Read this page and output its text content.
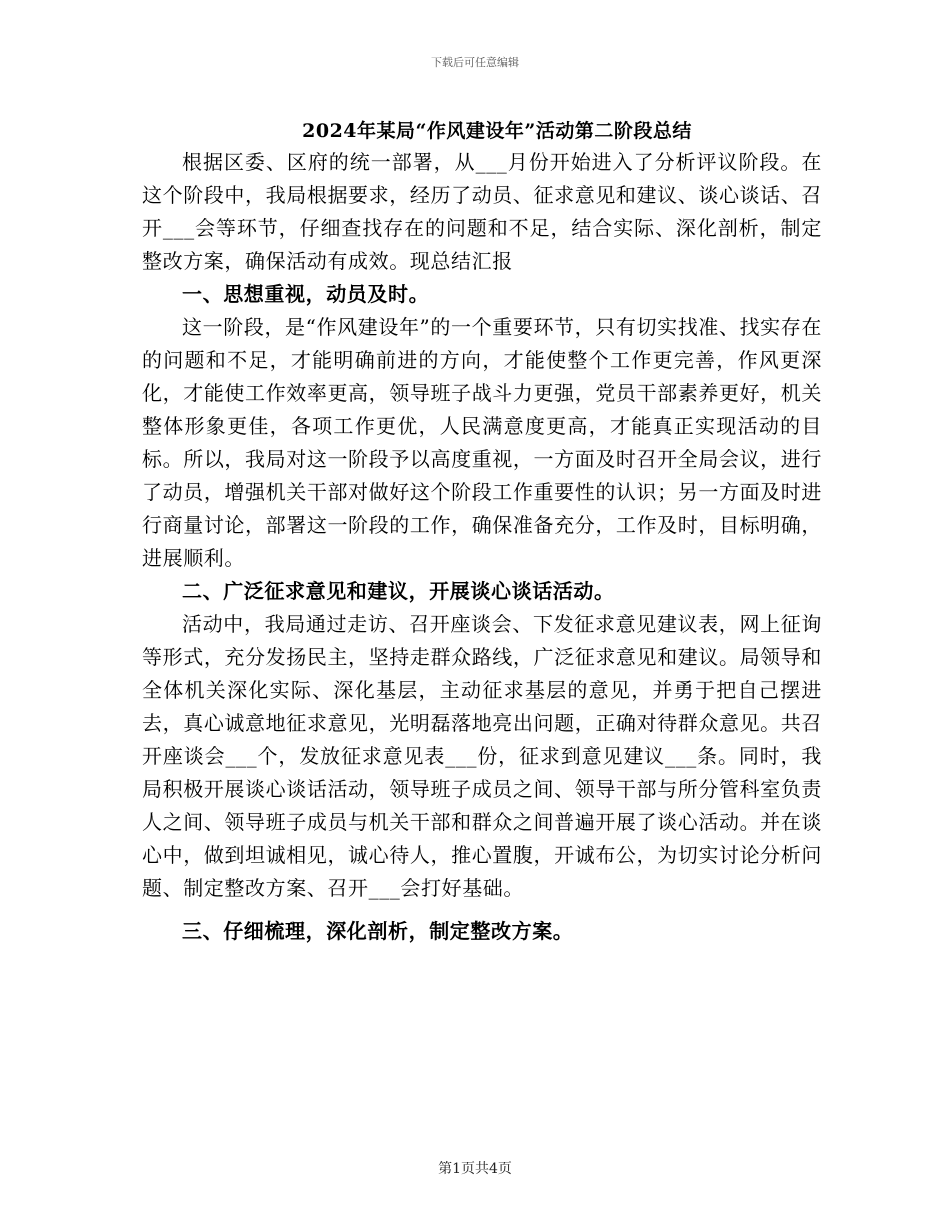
下载后可任意编辑
2024年某局“作风建设年”活动第二阶段总结

根据区委、区府的统一部署，从___月份开始进入了分析评议阶段。在这个阶段中，我局根据要求，经历了动员、征求意见和建议、谈心谈话、召开___会等环节，仔细查找存在的问题和不足，结合实际、深化剖析，制定整改方案，确保活动有成效。现总结汇报

一、思想重视，动员及时。

这一阶段，是“作风建设年”的一个重要环节，只有切实找准、找实存在的问题和不足，才能明确前进的方向，才能使整个工作更完善，作风更深化，才能使工作效率更高，领导班子战斗力更强，党员干部素养更好，机关整体形象更佳，各项工作更优，人民满意度更高，才能真正实现活动的目标。所以，我局对这一阶段予以高度重视，一方面及时召开全局会议，进行了动员，增强机关干部对做好这个阶段工作重要性的认识；另一方面及时进行商量讨论，部署这一阶段的工作，确保准备充分，工作及时，目标明确，进展顺利。

二、广泛征求意见和建议，开展谈心谈话活动。

活动中，我局通过走访、召开座谈会、下发征求意见建议表，网上征询等形式，充分发扬民主，坚持走群众路线，广泛征求意见和建议。局领导和全体机关深化实际、深化基层，主动征求基层的意见，并勇于把自己摆进去，真心诚意地征求意见，光明磊落地亮出问题，正确对待群众意见。共召开座谈会___个，发放征求意见表___份，征求到意见建议___条。同时，我局积极开展谈心谈话活动，领导班子成员之间、领导干部与所分管科室负责人之间、领导班子成员与机关干部和群众之间普遍开展了谈心活动。并在谈心中，做到坦诚相见，诚心待人，推心置腹，开诚布公，为切实讨论分析问题、制定整改方案、召开___会打好基础。

三、仔细梳理，深化剖析，制定整改方案。

第1页共4页
